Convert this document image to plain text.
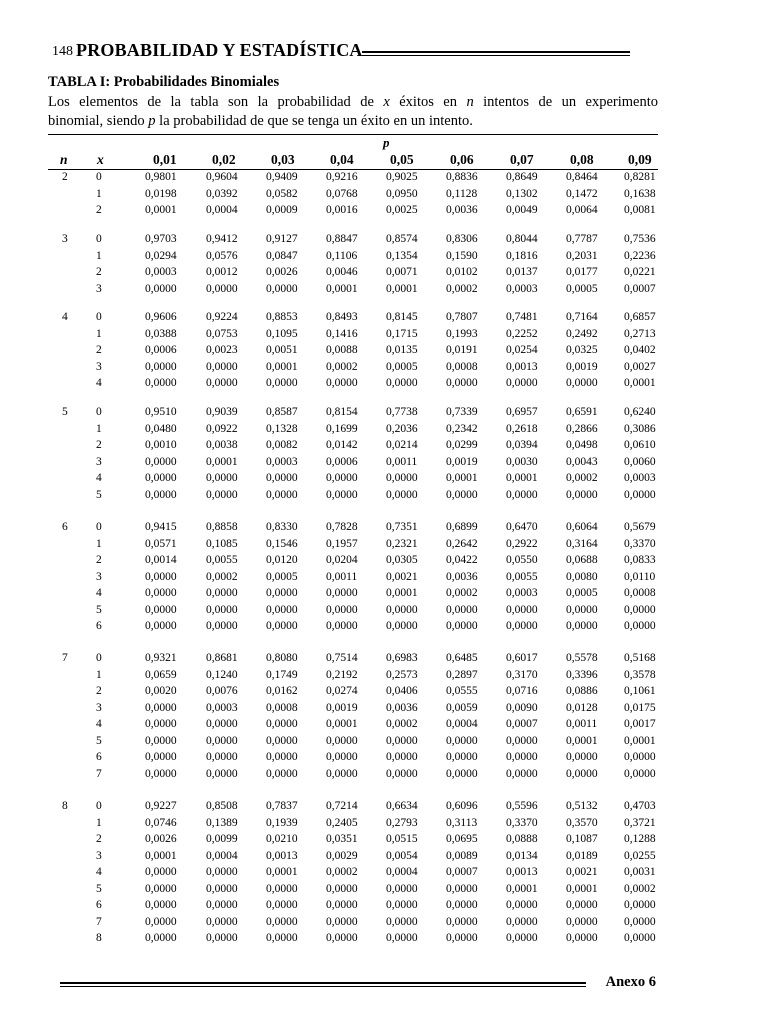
148 PROBABILIDAD Y ESTADÍSTICA
TABLA I: Probabilidades Binomiales
Los elementos de la tabla son la probabilidad de x éxitos en n intentos de un experimento
binomial, siendo p la probabilidad de que se tenga un éxito en un intento.
p
n x	0,01	0,02	0,03	0,04	0,05	0,06	0,07	0,08	0,09
2 0	0,9801	0,9604 0,9409 0,9216 0,9025 0,8836 0,8649 0,8464 0,8281
1	0,0198	0,0392 0,0582 0,0768 0,0950 0,1128	0,1302 0,1472 0,1638
2	0,0001	0,0004 0,0009 0,0016 0,0025 0,0036 0,0049 0,0064 0,0081
3 0	0,9703	0,9412 0,9127 0,8847 0,8574 0,8306 0,8044 0,7787 0,7536
1	0,0294	0,0576 0,0847 0,1106	0,1354 0,1590 0,1816 0,2031 0,2236
2	0,0003	0,0012 0,0026 0,0046 0,0071 0,0102 0,0137 0,0177 0,0221
3	0,0000	0,0000 0,0000 0,0001 0,0001 0,0002 0,0003 0,0005 0,0007
4 0	0,9606	0,9224 0,8853 0,8493 0,8145 0,7807 0,7481 0,7164 0,6857
1	0,0388	0,0753 0,1095 0,1416 0,1715 0,1993 0,2252 0,2492 0,2713
2	0,0006	0,0023 0,0051 0,0088 0,0135 0,0191 0,0254 0,0325 0,0402
3	0,0000	0,0000 0,0001 0,0002 0,0005 0,0008 0,0013 0,0019 0,0027
4	0,0000	0,0000 0,0000 0,0000 0,0000 0,0000 0,0000 0,0000 0,0001
5 0	0,9510	0,9039 0,8587 0,8154 0,7738 0,7339 0,6957 0,6591 0,6240
1	0,0480	0,0922 0,1328 0,1699 0,2036 0,2342 0,2618 0,2866 0,3086
2	0,0010	0,0038 0,0082 0,0142 0,0214 0,0299 0,0394 0,0498 0,0610
3	0,0000	0,0001 0,0003 0,0006 0,0011	0,0019 0,0030 0,0043 0,0060
4	0,0000	0,0000 0,0000 0,0000 0,0000 0,0001 0,0001 0,0002 0,0003
5	0,0000	0,0000 0,0000 0,0000 0,0000 0,0000 0,0000 0,0000 0,0000
6 0	0,9415	0,8858 0,8330 0,7828 0,7351 0,6899 0,6470 0,6064 0,5679
1	0,0571	0,1085 0,1546 0,1957 0,2321 0,2642 0,2922 0,3164 0,3370
2	0,0014	0,0055 0,0120 0,0204 0,0305 0,0422 0,0550 0,0688 0,0833
3	0,0000	0,0002 0,0005 0,0011	0,0021 0,0036 0,0055 0,0080 0,0110
4	0,0000	0,0000 0,0000 0,0000 0,0001 0,0002 0,0003 0,0005 0,0008
5	0,0000	0,0000 0,0000 0,0000 0,0000 0,0000 0,0000 0,0000 0,0000
6	0,0000	0,0000 0,0000 0,0000 0,0000 0,0000 0,0000 0,0000 0,0000
7 0	0,9321	0,8681 0,8080 0,7514 0,6983 0,6485 0,6017 0,5578 0,5168
1	0,0659	0,1240 0,1749 0,2192 0,2573 0,2897 0,3170 0,3396 0,3578
2	0,0020	0,0076 0,0162 0,0274 0,0406 0,0555 0,0716 0,0886 0,1061
3	0,0000	0,0003 0,0008 0,0019 0,0036 0,0059 0,0090 0,0128 0,0175
4	0,0000	0,0000 0,0000 0,0001 0,0002 0,0004 0,0007 0,0011 0,0017
5	0,0000	0,0000 0,0000 0,0000 0,0000 0,0000 0,0000 0,0001 0,0001
6	0,0000	0,0000 0,0000 0,0000 0,0000 0,0000 0,0000 0,0000 0,0000
7	0,0000	0,0000 0,0000 0,0000 0,0000 0,0000 0,0000 0,0000 0,0000
8 0	0,9227	0,8508 0,7837 0,7214 0,6634 0,6096 0,5596 0,5132 0,4703
1	0,0746	0,1389 0,1939 0,2405 0,2793 0,3113	0,3370 0,3570 0,3721
2	0,0026	0,0099 0,0210 0,0351 0,0515 0,0695 0,0888 0,1087 0,1288
3	0,0001	0,0004 0,0013 0,0029 0,0054 0,0089 0,0134 0,0189 0,0255
4	0,0000	0,0000 0,0001 0,0002 0,0004 0,0007 0,0013 0,0021 0,0031
5	0,0000	0,0000 0,0000 0,0000 0,0000 0,0000 0,0001 0,0001 0,0002
6	0,0000	0,0000 0,0000 0,0000 0,0000 0,0000 0,0000 0,0000 0,0000
7	0,0000	0,0000 0,0000 0,0000 0,0000 0,0000 0,0000 0,0000 0,0000
8	0,0000	0,0000 0,0000 0,0000 0,0000 0,0000 0,0000 0,0000 0,0000
Anexo 6
